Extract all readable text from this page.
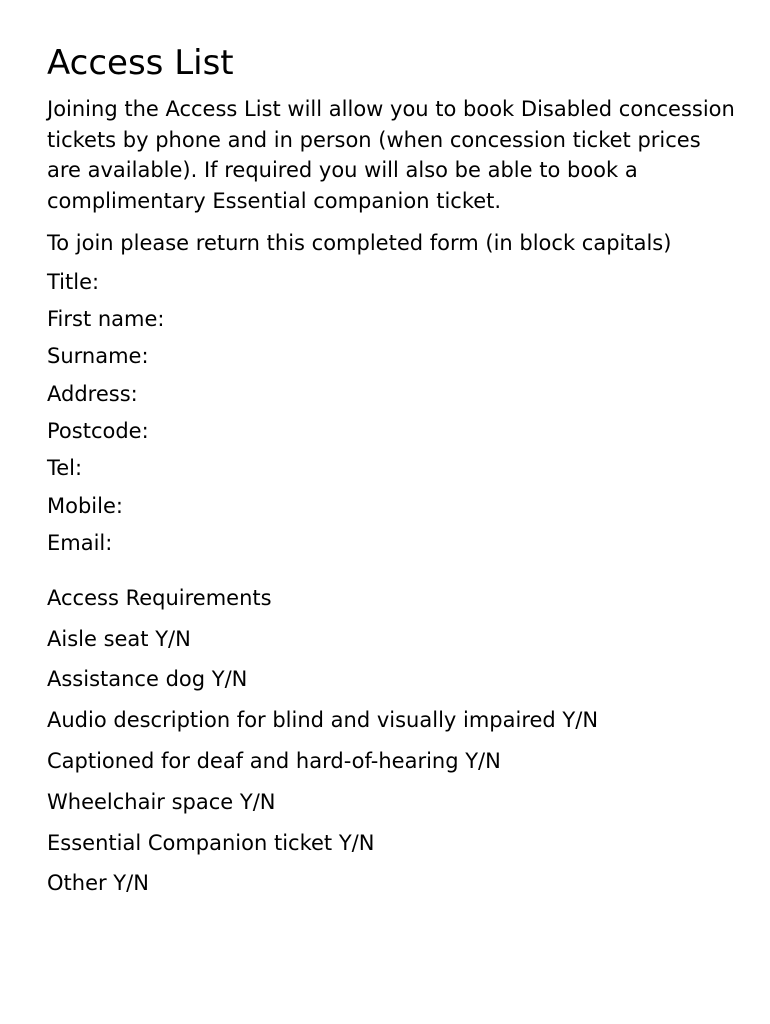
Access List

Joining the Access List will allow you to book Disabled concession tickets by phone and in person (when concession ticket prices are available). If required you will also be able to book a complimentary Essential companion ticket.

To join please return this completed form (in block capitals)

Title:
First name:
Surname:
Address:
Postcode:
Tel:
Mobile:
Email:
Access Requirements
Aisle seat Y/N
Assistance dog Y/N
Audio description for blind and visually impaired Y/N
Captioned for deaf and hard-of-hearing Y/N
Wheelchair space Y/N
Essential Companion ticket Y/N
Other Y/N
